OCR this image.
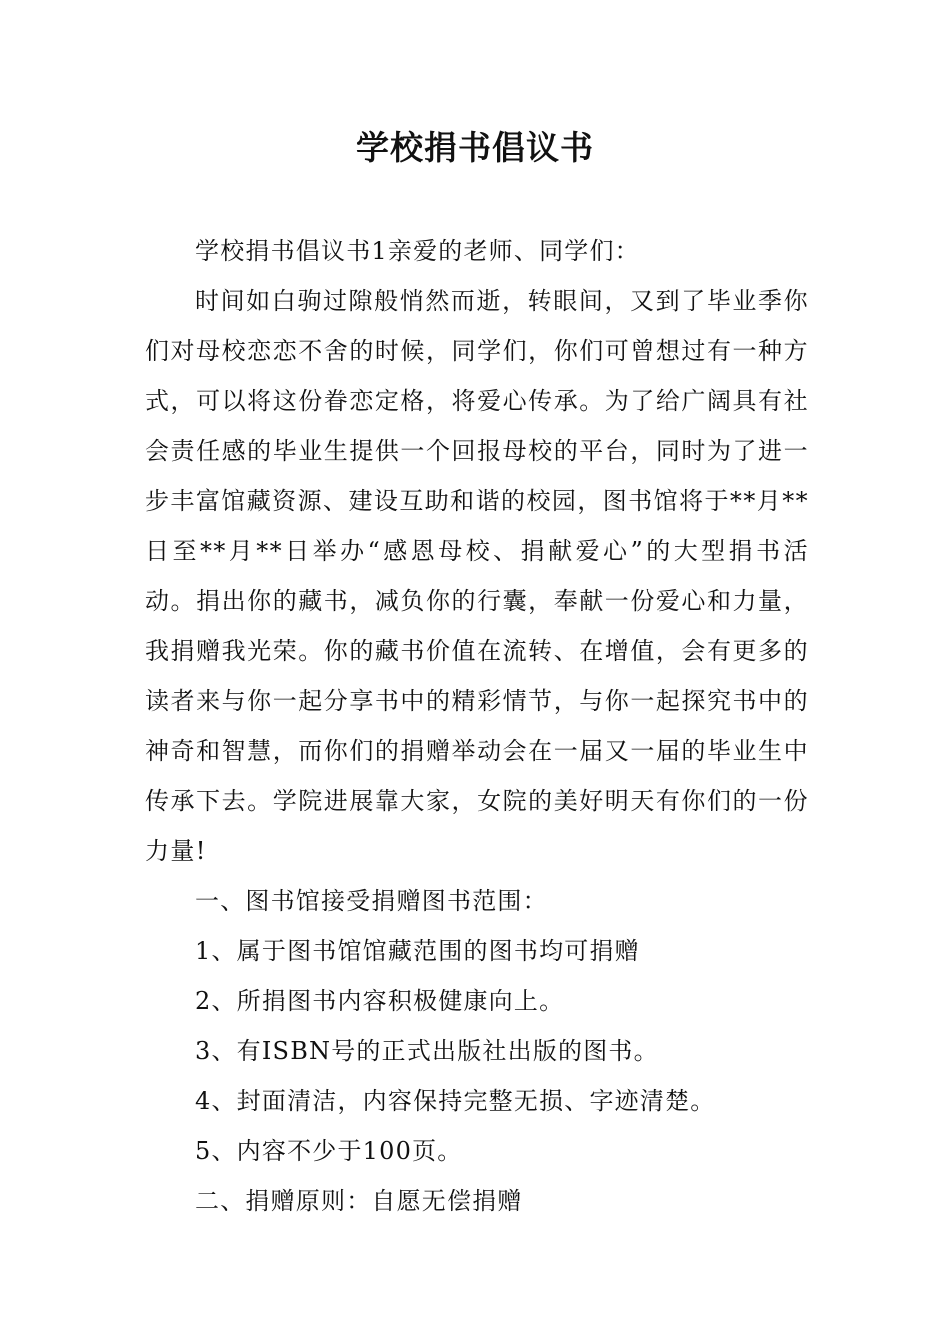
学校捐书倡议书

学校捐书倡议书1亲爱的老师、同学们：

时间如白驹过隙般悄然而逝，转眼间，又到了毕业季你们对母校恋恋不舍的时候，同学们，你们可曾想过有一种方式，可以将这份眷恋定格，将爱心传承。为了给广阔具有社会责任感的毕业生提供一个回报母校的平台，同时为了进一步丰富馆藏资源、建设互助和谐的校园，图书馆将于**月**日至**月**日举办“感恩母校、捐献爱心”的大型捐书活动。捐出你的藏书，减负你的行囊，奉献一份爱心和力量，我捐赠我光荣。你的藏书价值在流转、在增值，会有更多的读者来与你一起分享书中的精彩情节，与你一起探究书中的神奇和智慧，而你们的捐赠举动会在一届又一届的毕业生中传承下去。学院进展靠大家，女院的美好明天有你们的一份力量!

一、图书馆接受捐赠图书范围：

1、属于图书馆馆藏范围的图书均可捐赠

2、所捐图书内容积极健康向上。

3、有ISBN号的正式出版社出版的图书。

4、封面清洁，内容保持完整无损、字迹清楚。

5、内容不少于100页。

二、捐赠原则：自愿无偿捐赠
